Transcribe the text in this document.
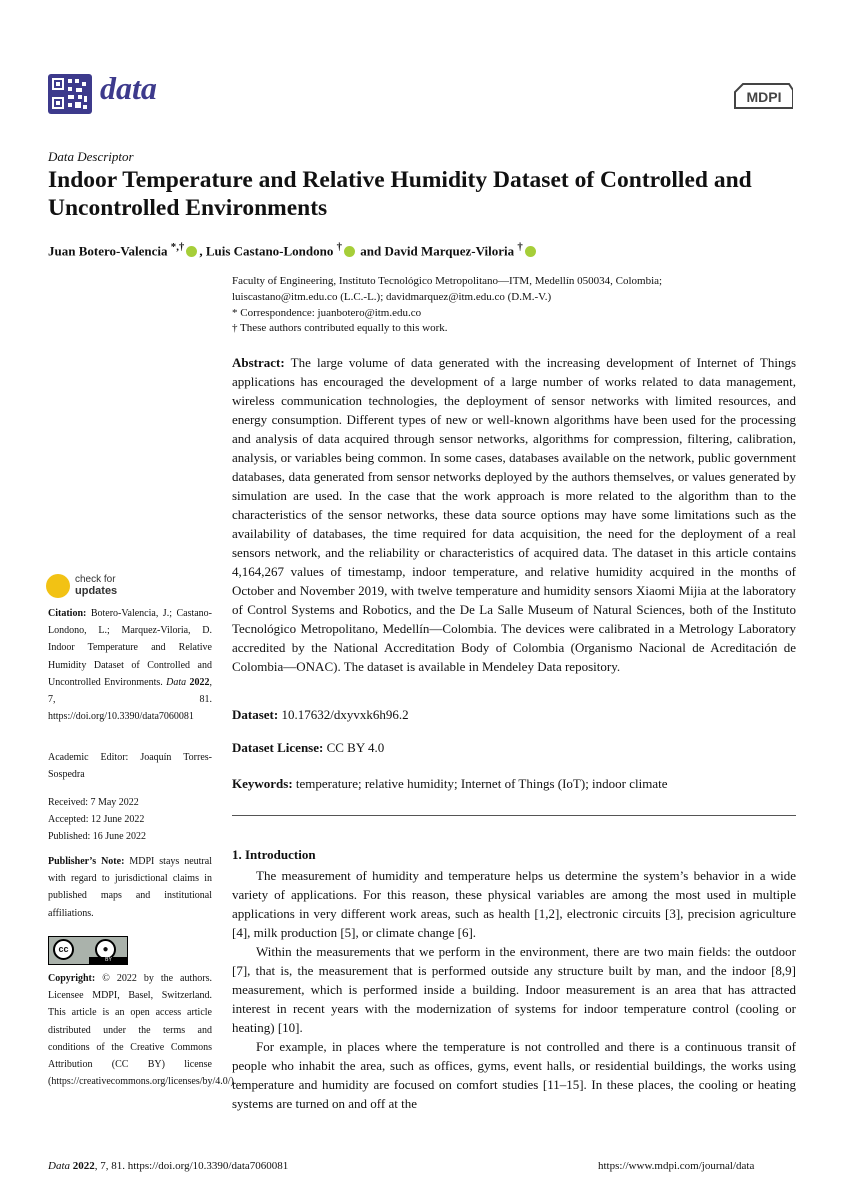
data	MDPI
Data Descriptor
Indoor Temperature and Relative Humidity Dataset of Controlled and Uncontrolled Environments
Juan Botero-Valencia *,† , Luis Castano-Londono † and David Marquez-Viloria †
Faculty of Engineering, Instituto Tecnológico Metropolitano—ITM, Medellín 050034, Colombia;
luiscastano@itm.edu.co (L.C.-L.); davidmarquez@itm.edu.co (D.M.-V.)
* Correspondence: juanbotero@itm.edu.co
† These authors contributed equally to this work.
Abstract: The large volume of data generated with the increasing development of Internet of Things applications has encouraged the development of a large number of works related to data management, wireless communication technologies, the deployment of sensor networks with limited resources, and energy consumption. Different types of new or well-known algorithms have been used for the processing and analysis of data acquired through sensor networks, algorithms for compression, filtering, calibration, analysis, or variables being common. In some cases, databases available on the network, public government databases, data generated from sensor networks deployed by the authors themselves, or values generated by simulation are used. In the case that the work approach is more related to the algorithm than to the characteristics of the sensor networks, these data source options may have some limitations such as the availability of databases, the time required for data acquisition, the need for the deployment of a real sensors network, and the reliability or characteristics of acquired data. The dataset in this article contains 4,164,267 values of timestamp, indoor temperature, and relative humidity acquired in the months of October and November 2019, with twelve temperature and humidity sensors Xiaomi Mijia at the laboratory of Control Systems and Robotics, and the De La Salle Museum of Natural Sciences, both of the Instituto Tecnológico Metropolitano, Medellín—Colombia. The devices were calibrated in a Metrology Laboratory accredited by the National Accreditation Body of Colombia (Organismo Nacional de Acreditación de Colombia—ONAC). The dataset is available in Mendeley Data repository.
Dataset: 10.17632/dxyvxk6h96.2
Dataset License: CC BY 4.0
Keywords: temperature; relative humidity; Internet of Things (IoT); indoor climate
1. Introduction

The measurement of humidity and temperature helps us determine the system’s behavior in a wide variety of applications. For this reason, these physical variables are among the most used in multiple applications in very different work areas, such as health [1,2], electronic circuits [3], precision agriculture [4], milk production [5], or climate change [6].

Within the measurements that we perform in the environment, there are two main fields: the outdoor [7], that is, the measurement that is performed outside any structure built by man, and the indoor [8,9] measurement, which is performed inside a building. Indoor measurement is an area that has attracted interest in recent years with the modernization of systems for indoor temperature control (cooling or heating) [10].

For example, in places where the temperature is not controlled and there is a continuous transit of people who inhabit the area, such as offices, gyms, event halls, or residential buildings, the works using temperature and humidity are focused on comfort studies [11–15]. In these places, the cooling or heating systems are turned on and off at the

check for
updates
Citation: Botero-Valencia, J.; Castano-Londono, L.; Marquez-Viloria, D. Indoor Temperature and Relative Humidity Dataset of Controlled and Uncontrolled Environments. Data 2022, 7, 81. https://doi.org/10.3390/data7060081
Academic Editor: Joaquín Torres-Sospedra
Received: 7 May 2022
Accepted: 12 June 2022
Published: 16 June 2022
Publisher’s Note: MDPI stays neutral with regard to jurisdictional claims in published maps and institutional affiliations.
cc	●
BY
Copyright: © 2022 by the authors. Licensee MDPI, Basel, Switzerland. This article is an open access article distributed under the terms and conditions of the Creative Commons Attribution (CC BY) license (https://creativecommons.org/licenses/by/4.0/).
Data 2022, 7, 81. https://doi.org/10.3390/data7060081	https://www.mdpi.com/journal/data
